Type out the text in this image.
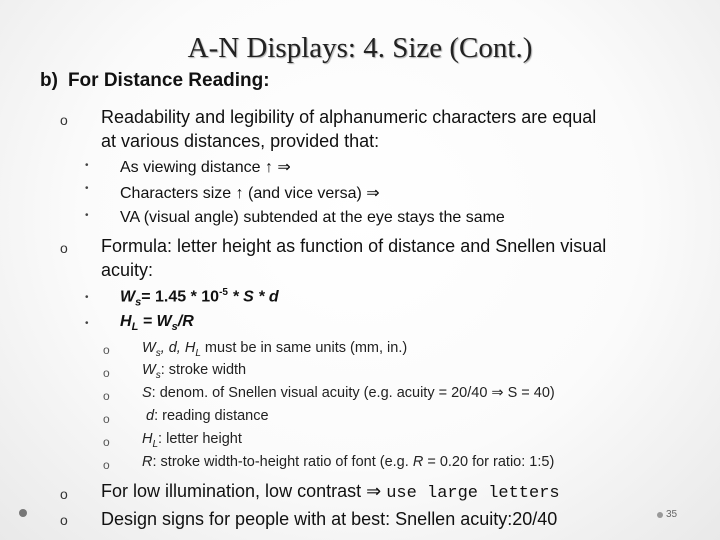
A-N Displays: 4. Size (Cont.)
b) For Distance Reading:
o Readability and legibility of alphanumeric characters are equal
at various distances, provided that:
• As viewing distance ↑ ⇒
• Characters size ↑ (and vice versa) ⇒
• VA (visual angle) subtended at the eye stays the same
o Formula: letter height as function of distance and Snellen visual
acuity:
• $W_s= 1.45 * 10^{-5} * S * d$
• $H_L = W_s/R$
o $W_s$, d, $H_L$ must be in same units (mm, in.)
o $W_s$: stroke width
o S: denom. of Snellen visual acuity (e.g. acuity = 20/40 ⇒ S = 40)
o d: reading distance
o $H_L$: letter height
o R: stroke width-to-height ratio of font (e.g. R = 0.20 for ratio: 1:5)
o For low illumination, low contrast ⇒ use large letters
o Design signs for people with at best: Snellen acuity:20/40	35
